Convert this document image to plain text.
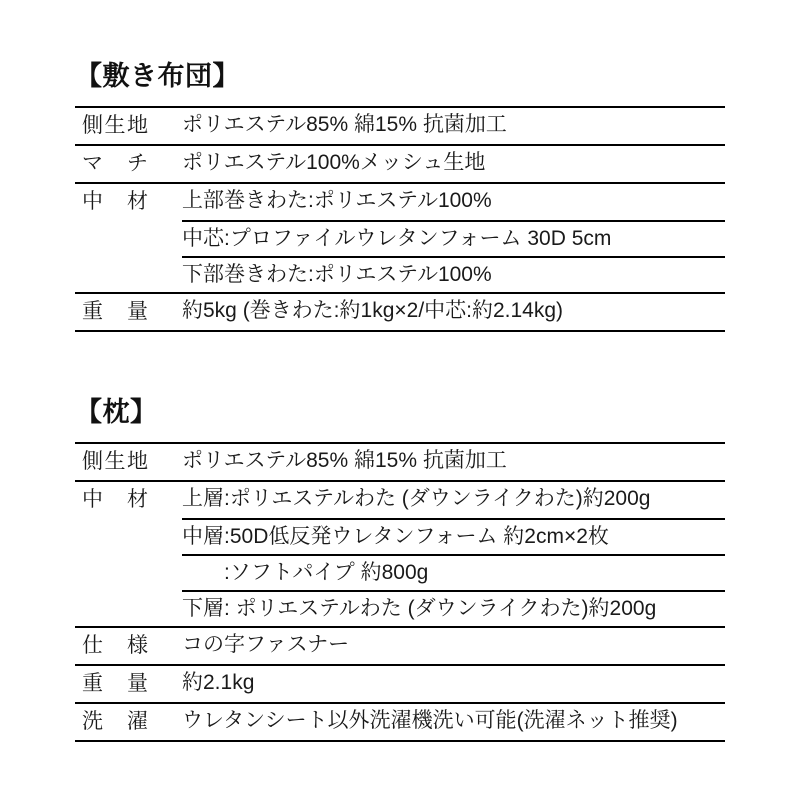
【敷き布団】
側生地 ポリエステル85% 綿15% 抗菌加工
マチ ポリエステル100%メッシュ生地
中材 上部巻きわた:ポリエステル100%
中芯:プロファイルウレタンフォーム 30D 5cm
下部巻きわた:ポリエステル100%
重量 約5kg (巻きわた:約1kg×2/中芯:約2.14kg)
【枕】
側生地 ポリエステル85% 綿15% 抗菌加工
中材 上層:ポリエステルわた (ダウンライクわた)約200g
中層:50D低反発ウレタンフォーム 約2cm×2枚
　　:ソフトパイプ 約800g
下層: ポリエステルわた (ダウンライクわた)約200g
仕様 コの字ファスナー
重量 約2.1kg
洗濯 ウレタンシート以外洗濯機洗い可能(洗濯ネット推奨)
